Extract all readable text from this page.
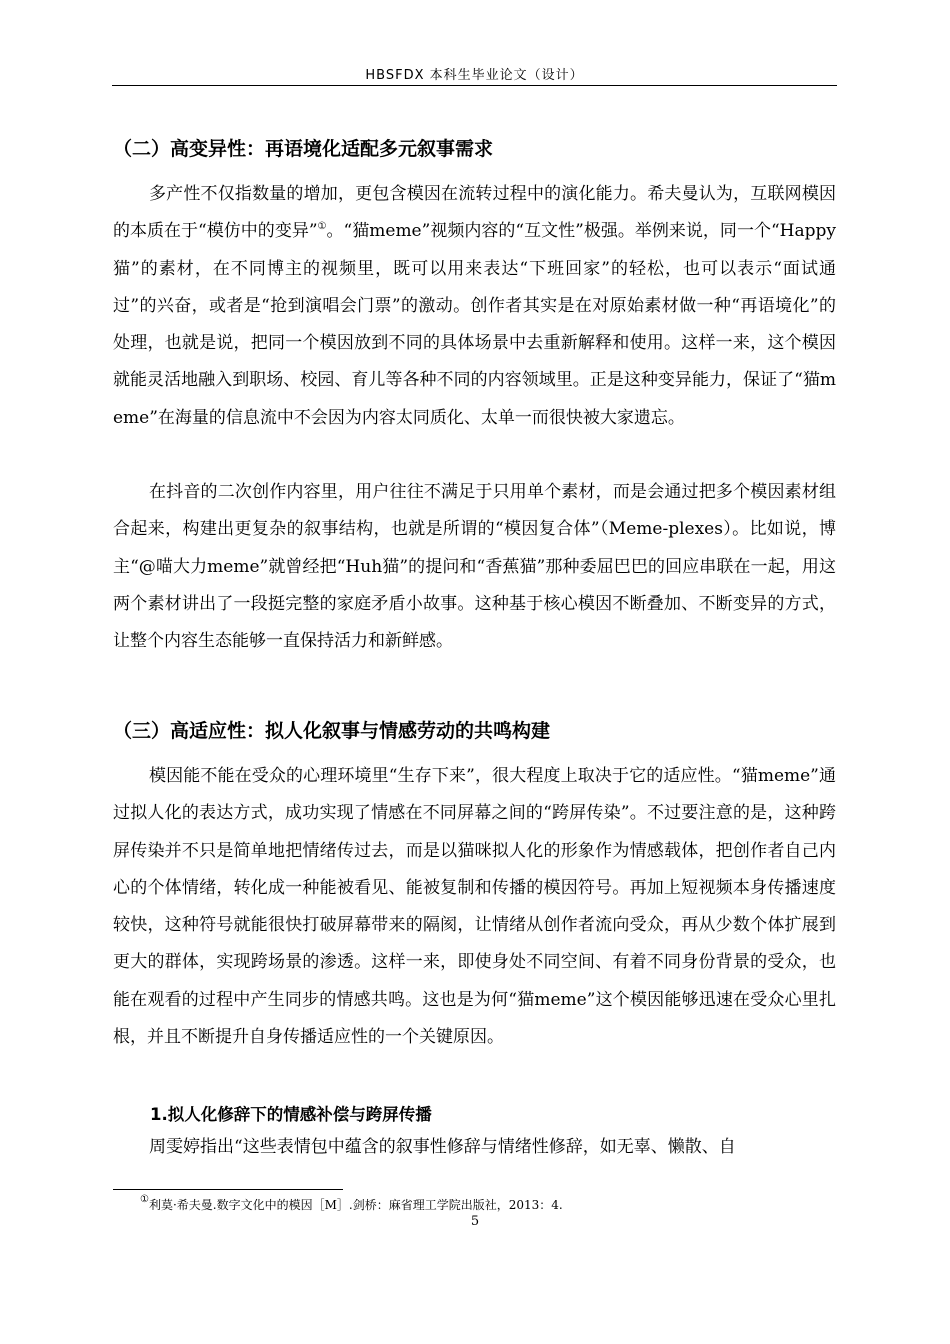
HBSFDX 本科生毕业论文（设计）
（二）高变异性：再语境化适配多元叙事需求
多产性不仅指数量的增加，更包含模因在流转过程中的演化能力。希夫曼认为，互联网模因的本质在于“模仿中的变异”①。“猫meme”视频内容的“互文性”极强。举例来说，同一个“Happy猫”的素材，在不同博主的视频里，既可以用来表达“下班回家”的轻松，也可以表示“面试通过”的兴奋，或者是“抢到演唱会门票”的激动。创作者其实是在对原始素材做一种“再语境化”的处理，也就是说，把同一个模因放到不同的具体场景中去重新解释和使用。这样一来，这个模因就能灵活地融入到职场、校园、育儿等各种不同的内容领域里。正是这种变异能力，保证了“猫meme”在海量的信息流中不会因为内容太同质化、太单一而很快被大家遗忘。
在抖音的二次创作内容里，用户往往不满足于只用单个素材，而是会通过把多个模因素材组合起来，构建出更复杂的叙事结构，也就是所谓的“模因复合体”（Meme-plexes）。比如说，博主“@喵大力meme”就曾经把“Huh猫”的提问和“香蕉猫”那种委屈巴巴的回应串联在一起，用这两个素材讲出了一段挺完整的家庭矛盾小故事。这种基于核心模因不断叠加、不断变异的方式，让整个内容生态能够一直保持活力和新鲜感。
（三）高适应性：拟人化叙事与情感劳动的共鸣构建
模因能不能在受众的心理环境里“生存下来”，很大程度上取决于它的适应性。“猫meme”通过拟人化的表达方式，成功实现了情感在不同屏幕之间的“跨屏传染”。不过要注意的是，这种跨屏传染并不只是简单地把情绪传过去，而是以猫咪拟人化的形象作为情感载体，把创作者自己内心的个体情绪，转化成一种能被看见、能被复制和传播的模因符号。再加上短视频本身传播速度较快，这种符号就能很快打破屏幕带来的隔阂，让情绪从创作者流向受众，再从少数个体扩展到更大的群体，实现跨场景的渗透。这样一来，即使身处不同空间、有着不同身份背景的受众，也能在观看的过程中产生同步的情感共鸣。这也是为何“猫meme”这个模因能够迅速在受众心里扎根，并且不断提升自身传播适应性的一个关键原因。
1.拟人化修辞下的情感补偿与跨屏传播
周雯婷指出“这些表情包中蕴含的叙事性修辞与情绪性修辞，如无辜、懒散、自
①利莫·希夫曼.数字文化中的模因［M］.剑桥：麻省理工学院出版社，2013：4.
5
